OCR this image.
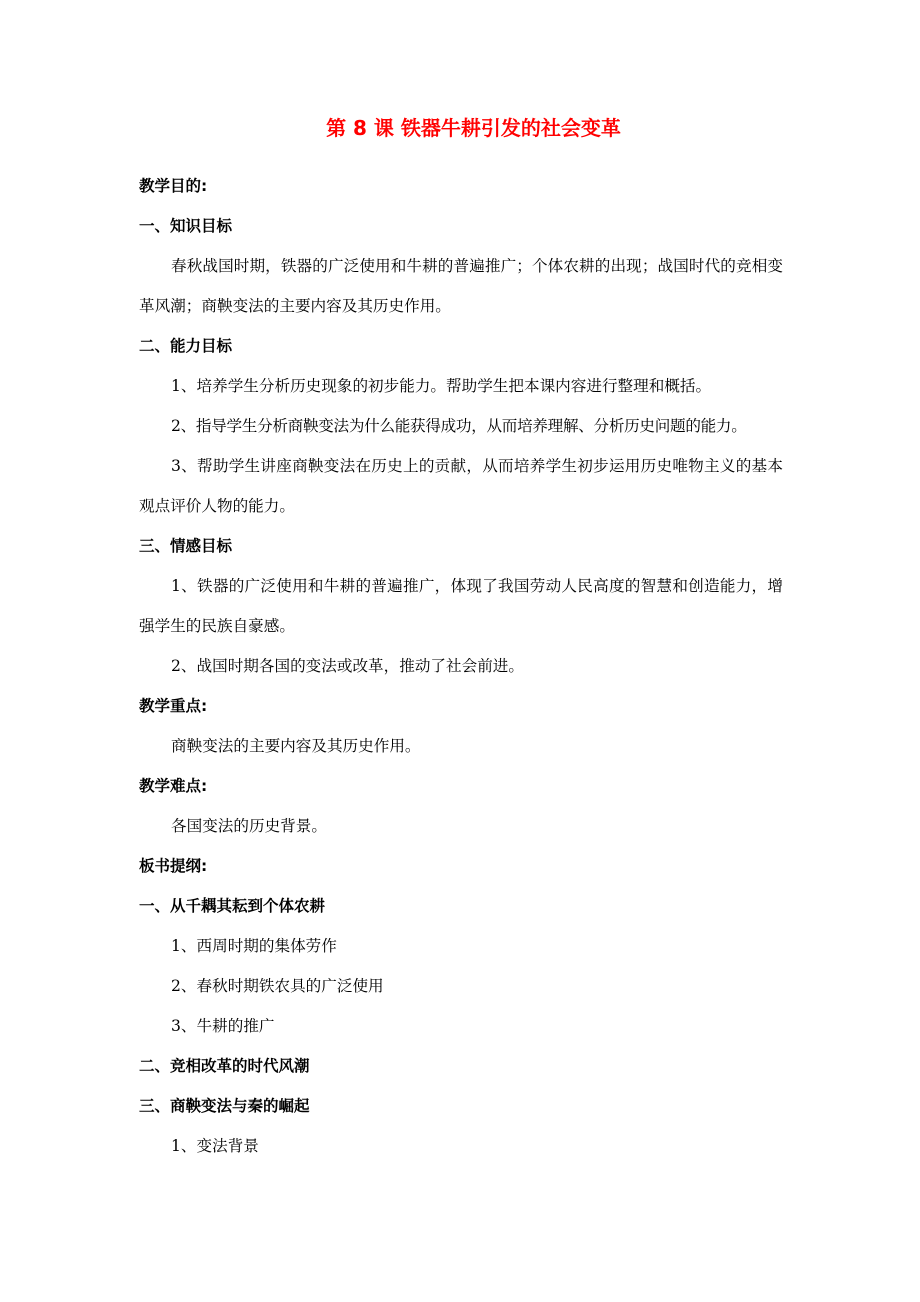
第 8 课 铁器牛耕引发的社会变革

教学目的:

一、知识目标

春秋战国时期，铁器的广泛使用和牛耕的普遍推广；个体农耕的出现；战国时代的竞相变革风潮；商鞅变法的主要内容及其历史作用。

二、能力目标

1、培养学生分析历史现象的初步能力。帮助学生把本课内容进行整理和概括。

2、指导学生分析商鞅变法为什么能获得成功，从而培养理解、分析历史问题的能力。

3、帮助学生讲座商鞅变法在历史上的贡献，从而培养学生初步运用历史唯物主义的基本观点评价人物的能力。

三、情感目标

1、铁器的广泛使用和牛耕的普遍推广，体现了我国劳动人民高度的智慧和创造能力，增强学生的民族自豪感。

2、战国时期各国的变法或改革，推动了社会前进。

教学重点:

商鞅变法的主要内容及其历史作用。

教学难点:

各国变法的历史背景。

板书提纲:

一、从千耦其耘到个体农耕

1、西周时期的集体劳作

2、春秋时期铁农具的广泛使用

3、牛耕的推广

二、竞相改革的时代风潮

三、商鞅变法与秦的崛起

1、变法背景
